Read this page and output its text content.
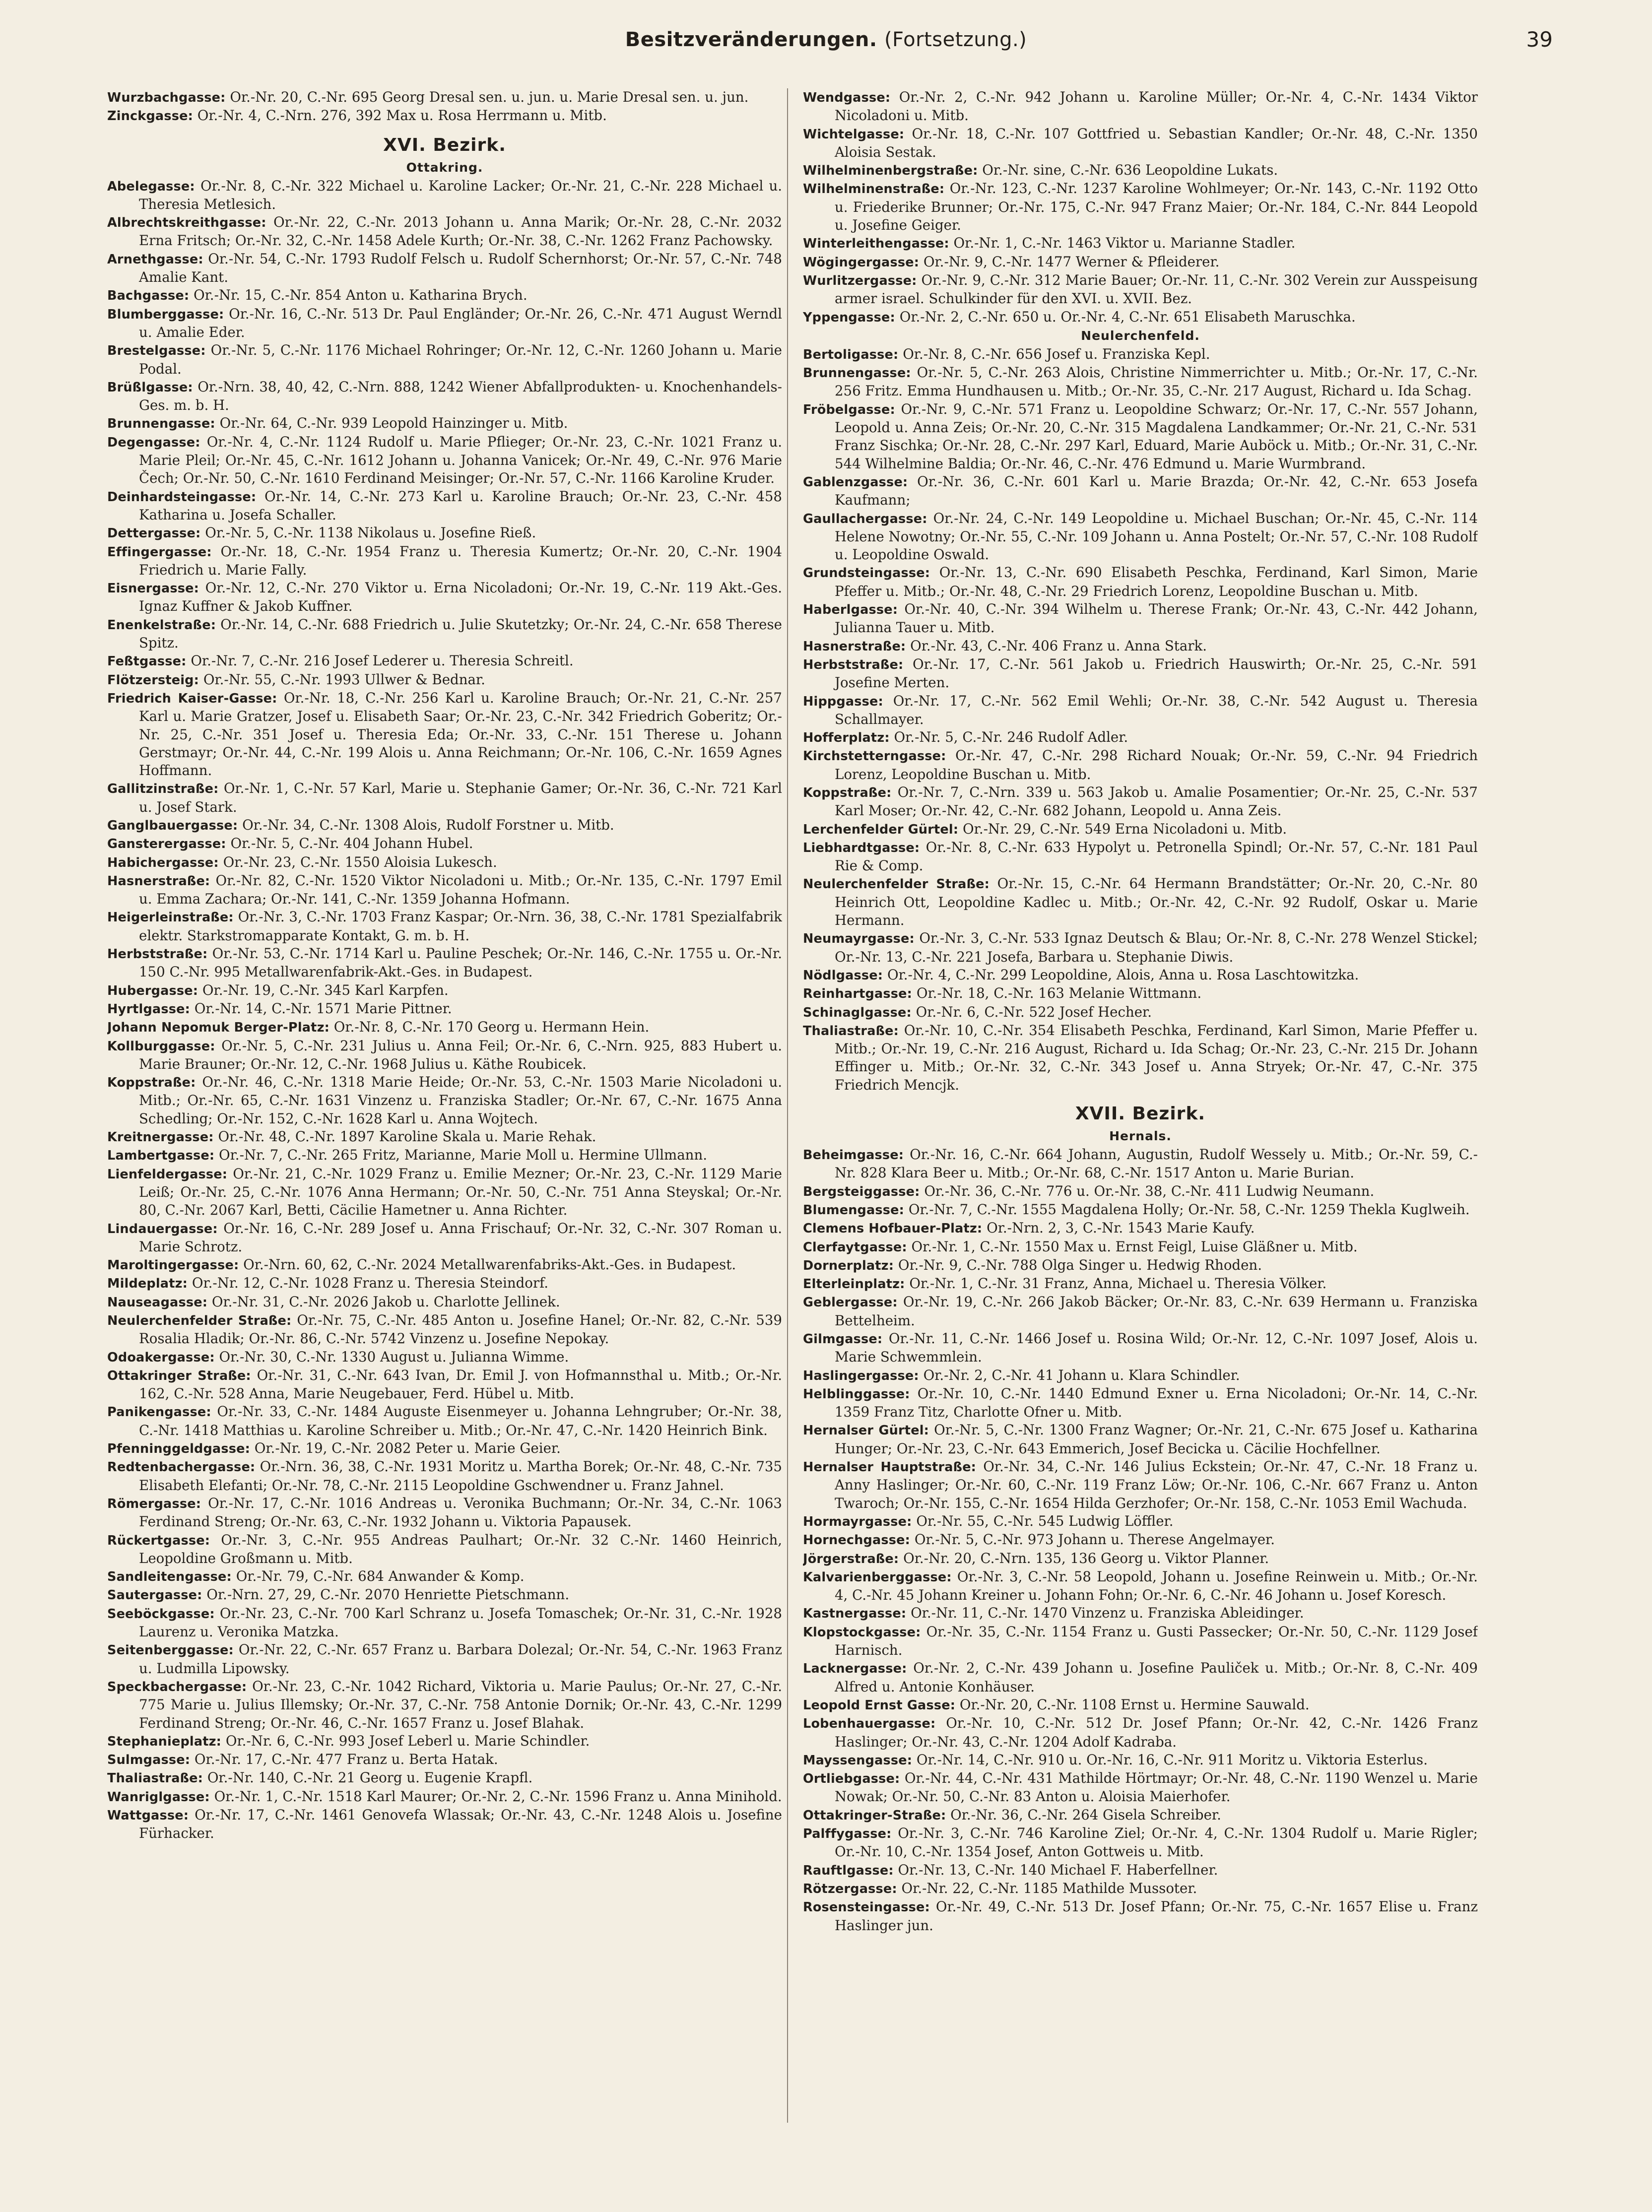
Besitzveränderungen. (Fortsetzung.)	39
Wurzbachgasse: Or.-Nr. 20, C.-Nr. 695 Georg Dresal sen. u. jun. u. Marie Dresal sen. u. jun.
Zinckgasse: Or.-Nr. 4, C.-Nrn. 276, 392 Max u. Rosa Herrmann u. Mitb.
XVI. Bezirk.
Ottakring.
Abelegasse: Or.-Nr. 8, C.-Nr. 322 Michael u. Karoline Lacker; Or.-Nr. 21, C.-Nr. 228 Michael u. Theresia Metlesich.
Albrechtskreithgasse: Or.-Nr. 22, C.-Nr. 2013 Johann u. Anna Marik; Or.-Nr. 28, C.-Nr. 2032 Erna Fritsch; Or.-Nr. 32, C.-Nr. 1458 Adele Kurth; Or.-Nr. 38, C.-Nr. 1262 Franz Pachowsky.
Arnethgasse: Or.-Nr. 54, C.-Nr. 1793 Rudolf Felsch u. Rudolf Schernhorst; Or.-Nr. 57, C.-Nr. 748 Amalie Kant.
Bachgasse: Or.-Nr. 15, C.-Nr. 854 Anton u. Katharina Brych.
Blumberggasse: Or.-Nr. 16, C.-Nr. 513 Dr. Paul Engländer; Or.-Nr. 26, C.-Nr. 471 August Werndl u. Amalie Eder.
Brestelgasse: Or.-Nr. 5, C.-Nr. 1176 Michael Rohringer; Or.-Nr. 12, C.-Nr. 1260 Johann u. Marie Podal.
Brüßlgasse: Or.-Nrn. 38, 40, 42, C.-Nrn. 888, 1242 Wiener Abfallprodukten- u. Knochenhandels-Ges. m. b. H.
Brunnengasse: Or.-Nr. 64, C.-Nr. 939 Leopold Hainzinger u. Mitb.
Degengasse: Or.-Nr. 4, C.-Nr. 1124 Rudolf u. Marie Pflieger; Or.-Nr. 23, C.-Nr. 1021 Franz u. Marie Pleil; Or.-Nr. 45, C.-Nr. 1612 Johann u. Johanna Vanicek; Or.-Nr. 49, C.-Nr. 976 Marie Čech; Or.-Nr. 50, C.-Nr. 1610 Ferdinand Meisinger; Or.-Nr. 57, C.-Nr. 1166 Karoline Kruder.
Deinhardsteingasse: Or.-Nr. 14, C.-Nr. 273 Karl u. Karoline Brauch; Or.-Nr. 23, C.-Nr. 458 Katharina u. Josefa Schaller.
Dettergasse: Or.-Nr. 5, C.-Nr. 1138 Nikolaus u. Josefine Rieß.
Effingergasse: Or.-Nr. 18, C.-Nr. 1954 Franz u. Theresia Kumertz; Or.-Nr. 20, C.-Nr. 1904 Friedrich u. Marie Fally.
Eisnergasse: Or.-Nr. 12, C.-Nr. 270 Viktor u. Erna Nicoladoni; Or.-Nr. 19, C.-Nr. 119 Akt.-Ges. Ignaz Kuffner & Jakob Kuffner.
Enenkelstraße: Or.-Nr. 14, C.-Nr. 688 Friedrich u. Julie Skutetzky; Or.-Nr. 24, C.-Nr. 658 Therese Spitz.
Feßtgasse: Or.-Nr. 7, C.-Nr. 216 Josef Lederer u. Theresia Schreitl.
Flötzersteig: Or.-Nr. 55, C.-Nr. 1993 Ullwer & Bednar.
Friedrich Kaiser-Gasse: Or.-Nr. 18, C.-Nr. 256 Karl u. Karoline Brauch; Or.-Nr. 21, C.-Nr. 257 Karl u. Marie Gratzer, Josef u. Elisabeth Saar; Or.-Nr. 23, C.-Nr. 342 Friedrich Goberitz; Or.-Nr. 25, C.-Nr. 351 Josef u. Theresia Eda; Or.-Nr. 33, C.-Nr. 151 Therese u. Johann Gerstmayr; Or.-Nr. 44, C.-Nr. 199 Alois u. Anna Reichmann; Or.-Nr. 106, C.-Nr. 1659 Agnes Hoffmann.
Gallitzinstraße: Or.-Nr. 1, C.-Nr. 57 Karl, Marie u. Stephanie Gamer; Or.-Nr. 36, C.-Nr. 721 Karl u. Josef Stark.
Ganglbauergasse: Or.-Nr. 34, C.-Nr. 1308 Alois, Rudolf Forstner u. Mitb.
Gansterergasse: Or.-Nr. 5, C.-Nr. 404 Johann Hubel.
Habichergasse: Or.-Nr. 23, C.-Nr. 1550 Aloisia Lukesch.
Hasnerstraße: Or.-Nr. 82, C.-Nr. 1520 Viktor Nicoladoni u. Mitb.; Or.-Nr. 135, C.-Nr. 1797 Emil u. Emma Zachara; Or.-Nr. 141, C.-Nr. 1359 Johanna Hofmann.
Heigerleinstraße: Or.-Nr. 3, C.-Nr. 1703 Franz Kaspar; Or.-Nrn. 36, 38, C.-Nr. 1781 Spezialfabrik elektr. Starkstromapparate Kontakt, G. m. b. H.
Herbststraße: Or.-Nr. 53, C.-Nr. 1714 Karl u. Pauline Peschek; Or.-Nr. 146, C.-Nr. 1755 u. Or.-Nr. 150 C.-Nr. 995 Metallwarenfabrik-Akt.-Ges. in Budapest.
Hubergasse: Or.-Nr. 19, C.-Nr. 345 Karl Karpfen.
Hyrtlgasse: Or.-Nr. 14, C.-Nr. 1571 Marie Pittner.
Johann Nepomuk Berger-Platz: Or.-Nr. 8, C.-Nr. 170 Georg u. Hermann Hein.
Kollburggasse: Or.-Nr. 5, C.-Nr. 231 Julius u. Anna Feil; Or.-Nr. 6, C.-Nrn. 925, 883 Hubert u. Marie Brauner; Or.-Nr. 12, C.-Nr. 1968 Julius u. Käthe Roubicek.
Koppstraße: Or.-Nr. 46, C.-Nr. 1318 Marie Heide; Or.-Nr. 53, C.-Nr. 1503 Marie Nicoladoni u. Mitb.; Or.-Nr. 65, C.-Nr. 1631 Vinzenz u. Franziska Stadler; Or.-Nr. 67, C.-Nr. 1675 Anna Schedling; Or.-Nr. 152, C.-Nr. 1628 Karl u. Anna Wojtech.
Kreitnergasse: Or.-Nr. 48, C.-Nr. 1897 Karoline Skala u. Marie Rehak.
Lambertgasse: Or.-Nr. 7, C.-Nr. 265 Fritz, Marianne, Marie Moll u. Hermine Ullmann.
Lienfeldergasse: Or.-Nr. 21, C.-Nr. 1029 Franz u. Emilie Mezner; Or.-Nr. 23, C.-Nr. 1129 Marie Leiß; Or.-Nr. 25, C.-Nr. 1076 Anna Hermann; Or.-Nr. 50, C.-Nr. 751 Anna Steyskal; Or.-Nr. 80, C.-Nr. 2067 Karl, Betti, Cäcilie Hametner u. Anna Richter.
Lindauergasse: Or.-Nr. 16, C.-Nr. 289 Josef u. Anna Frischauf; Or.-Nr. 32, C.-Nr. 307 Roman u. Marie Schrotz.
Maroltingergasse: Or.-Nrn. 60, 62, C.-Nr. 2024 Metallwarenfabriks-Akt.-Ges. in Budapest.
Mildeplatz: Or.-Nr. 12, C.-Nr. 1028 Franz u. Theresia Steindorf.
Nauseagasse: Or.-Nr. 31, C.-Nr. 2026 Jakob u. Charlotte Jellinek.
Neulerchenfelder Straße: Or.-Nr. 75, C.-Nr. 485 Anton u. Josefine Hanel; Or.-Nr. 82, C.-Nr. 539 Rosalia Hladik; Or.-Nr. 86, C.-Nr. 5742 Vinzenz u. Josefine Nepokay.
Odoakergasse: Or.-Nr. 30, C.-Nr. 1330 August u. Julianna Wimme.
Ottakringer Straße: Or.-Nr. 31, C.-Nr. 643 Ivan, Dr. Emil J. von Hofmannsthal u. Mitb.; Or.-Nr. 162, C.-Nr. 528 Anna, Marie Neugebauer, Ferd. Hübel u. Mitb.
Panikengasse: Or.-Nr. 33, C.-Nr. 1484 Auguste Eisenmeyer u. Johanna Lehngruber; Or.-Nr. 38, C.-Nr. 1418 Matthias u. Karoline Schreiber u. Mitb.; Or.-Nr. 47, C.-Nr. 1420 Heinrich Bink.
Pfenninggeldgasse: Or.-Nr. 19, C.-Nr. 2082 Peter u. Marie Geier.
Redtenbachergasse: Or.-Nrn. 36, 38, C.-Nr. 1931 Moritz u. Martha Borek; Or.-Nr. 48, C.-Nr. 735 Elisabeth Elefanti; Or.-Nr. 78, C.-Nr. 2115 Leopoldine Gschwendner u. Franz Jahnel.
Römergasse: Or.-Nr. 17, C.-Nr. 1016 Andreas u. Veronika Buchmann; Or.-Nr. 34, C.-Nr. 1063 Ferdinand Streng; Or.-Nr. 63, C.-Nr. 1932 Johann u. Viktoria Papausek.
Rückertgasse: Or.-Nr. 3, C.-Nr. 955 Andreas Paulhart; Or.-Nr. 32 C.-Nr. 1460 Heinrich, Leopoldine Großmann u. Mitb.
Sandleitengasse: Or.-Nr. 79, C.-Nr. 684 Anwander & Komp.
Sautergasse: Or.-Nrn. 27, 29, C.-Nr. 2070 Henriette Pietschmann.
Seeböckgasse: Or.-Nr. 23, C.-Nr. 700 Karl Schranz u. Josefa Tomaschek; Or.-Nr. 31, C.-Nr. 1928 Laurenz u. Veronika Matzka.
Seitenberggasse: Or.-Nr. 22, C.-Nr. 657 Franz u. Barbara Dolezal; Or.-Nr. 54, C.-Nr. 1963 Franz u. Ludmilla Lipowsky.
Speckbachergasse: Or.-Nr. 23, C.-Nr. 1042 Richard, Viktoria u. Marie Paulus; Or.-Nr. 27, C.-Nr. 775 Marie u. Julius Illemsky; Or.-Nr. 37, C.-Nr. 758 Antonie Dornik; Or.-Nr. 43, C.-Nr. 1299 Ferdinand Streng; Or.-Nr. 46, C.-Nr. 1657 Franz u. Josef Blahak.
Stephanieplatz: Or.-Nr. 6, C.-Nr. 993 Josef Leberl u. Marie Schindler.
Sulmgasse: Or.-Nr. 17, C.-Nr. 477 Franz u. Berta Hatak.
Thaliastraße: Or.-Nr. 140, C.-Nr. 21 Georg u. Eugenie Krapfl.
Wanriglgasse: Or.-Nr. 1, C.-Nr. 1518 Karl Maurer; Or.-Nr. 2, C.-Nr. 1596 Franz u. Anna Minihold.
Wattgasse: Or.-Nr. 17, C.-Nr. 1461 Genovefa Wlassak; Or.-Nr. 43, C.-Nr. 1248 Alois u. Josefine Fürhacker.
Wendgasse: Or.-Nr. 2, C.-Nr. 942 Johann u. Karoline Müller; Or.-Nr. 4, C.-Nr. 1434 Viktor Nicoladoni u. Mitb.
Wichtelgasse: Or.-Nr. 18, C.-Nr. 107 Gottfried u. Sebastian Kandler; Or.-Nr. 48, C.-Nr. 1350 Aloisia Sestak.
Wilhelminenbergstraße: Or.-Nr. sine, C.-Nr. 636 Leopoldine Lukats.
Wilhelminenstraße: Or.-Nr. 123, C.-Nr. 1237 Karoline Wohlmeyer; Or.-Nr. 143, C.-Nr. 1192 Otto u. Friederike Brunner; Or.-Nr. 175, C.-Nr. 947 Franz Maier; Or.-Nr. 184, C.-Nr. 844 Leopold u. Josefine Geiger.
Winterleithengasse: Or.-Nr. 1, C.-Nr. 1463 Viktor u. Marianne Stadler.
Wögingergasse: Or.-Nr. 9, C.-Nr. 1477 Werner & Pfleiderer.
Wurlitzergasse: Or.-Nr. 9, C.-Nr. 312 Marie Bauer; Or.-Nr. 11, C.-Nr. 302 Verein zur Ausspeisung armer israel. Schulkinder für den XVI. u. XVII. Bez.
Yppengasse: Or.-Nr. 2, C.-Nr. 650 u. Or.-Nr. 4, C.-Nr. 651 Elisabeth Maruschka.
Neulerchenfeld.
Bertoligasse: Or.-Nr. 8, C.-Nr. 656 Josef u. Franziska Kepl.
Brunnengasse: Or.-Nr. 5, C.-Nr. 263 Alois, Christine Nimmerrichter u. Mitb.; Or.-Nr. 17, C.-Nr. 256 Fritz. Emma Hundhausen u. Mitb.; Or.-Nr. 35, C.-Nr. 217 August, Richard u. Ida Schag.
Fröbelgasse: Or.-Nr. 9, C.-Nr. 571 Franz u. Leopoldine Schwarz; Or.-Nr. 17, C.-Nr. 557 Johann, Leopold u. Anna Zeis; Or.-Nr. 20, C.-Nr. 315 Magdalena Landkammer; Or.-Nr. 21, C.-Nr. 531 Franz Sischka; Or.-Nr. 28, C.-Nr. 297 Karl, Eduard, Marie Auböck u. Mitb.; Or.-Nr. 31, C.-Nr. 544 Wilhelmine Baldia; Or.-Nr. 46, C.-Nr. 476 Edmund u. Marie Wurmbrand.
Gablenzgasse: Or.-Nr. 36, C.-Nr. 601 Karl u. Marie Brazda; Or.-Nr. 42, C.-Nr. 653 Josefa Kaufmann;
Gaullachergasse: Or.-Nr. 24, C.-Nr. 149 Leopoldine u. Michael Buschan; Or.-Nr. 45, C.-Nr. 114 Helene Nowotny; Or.-Nr. 55, C.-Nr. 109 Johann u. Anna Postelt; Or.-Nr. 57, C.-Nr. 108 Rudolf u. Leopoldine Oswald.
Grundsteingasse: Or.-Nr. 13, C.-Nr. 690 Elisabeth Peschka, Ferdinand, Karl Simon, Marie Pfeffer u. Mitb.; Or.-Nr. 48, C.-Nr. 29 Friedrich Lorenz, Leopoldine Buschan u. Mitb.
Haberlgasse: Or.-Nr. 40, C.-Nr. 394 Wilhelm u. Therese Frank; Or.-Nr. 43, C.-Nr. 442 Johann, Julianna Tauer u. Mitb.
Hasnerstraße: Or.-Nr. 43, C.-Nr. 406 Franz u. Anna Stark.
Herbststraße: Or.-Nr. 17, C.-Nr. 561 Jakob u. Friedrich Hauswirth; Or.-Nr. 25, C.-Nr. 591 Josefine Merten.
Hippgasse: Or.-Nr. 17, C.-Nr. 562 Emil Wehli; Or.-Nr. 38, C.-Nr. 542 August u. Theresia Schallmayer.
Hofferplatz: Or.-Nr. 5, C.-Nr. 246 Rudolf Adler.
Kirchstetterngasse: Or.-Nr. 47, C.-Nr. 298 Richard Nouak; Or.-Nr. 59, C.-Nr. 94 Friedrich Lorenz, Leopoldine Buschan u. Mitb.
Koppstraße: Or.-Nr. 7, C.-Nrn. 339 u. 563 Jakob u. Amalie Posamentier; Or.-Nr. 25, C.-Nr. 537 Karl Moser; Or.-Nr. 42, C.-Nr. 682 Johann, Leopold u. Anna Zeis.
Lerchenfelder Gürtel: Or.-Nr. 29, C.-Nr. 549 Erna Nicoladoni u. Mitb.
Liebhardtgasse: Or.-Nr. 8, C.-Nr. 633 Hypolyt u. Petronella Spindl; Or.-Nr. 57, C.-Nr. 181 Paul Rie & Comp.
Neulerchenfelder Straße: Or.-Nr. 15, C.-Nr. 64 Hermann Brandstätter; Or.-Nr. 20, C.-Nr. 80 Heinrich Ott, Leopoldine Kadlec u. Mitb.; Or.-Nr. 42, C.-Nr. 92 Rudolf, Oskar u. Marie Hermann.
Neumayrgasse: Or.-Nr. 3, C.-Nr. 533 Ignaz Deutsch & Blau; Or.-Nr. 8, C.-Nr. 278 Wenzel Stickel; Or.-Nr. 13, C.-Nr. 221 Josefa, Barbara u. Stephanie Diwis.
Nödlgasse: Or.-Nr. 4, C.-Nr. 299 Leopoldine, Alois, Anna u. Rosa Laschtowitzka.
Reinhartgasse: Or.-Nr. 18, C.-Nr. 163 Melanie Wittmann.
Schinaglgasse: Or.-Nr. 6, C.-Nr. 522 Josef Hecher.
Thaliastraße: Or.-Nr. 10, C.-Nr. 354 Elisabeth Peschka, Ferdinand, Karl Simon, Marie Pfeffer u. Mitb.; Or.-Nr. 19, C.-Nr. 216 August, Richard u. Ida Schag; Or.-Nr. 23, C.-Nr. 215 Dr. Johann Effinger u. Mitb.; Or.-Nr. 32, C.-Nr. 343 Josef u. Anna Stryek; Or.-Nr. 47, C.-Nr. 375 Friedrich Mencjk.
XVII. Bezirk.
Hernals.
Beheimgasse: Or.-Nr. 16, C.-Nr. 664 Johann, Augustin, Rudolf Wessely u. Mitb.; Or.-Nr. 59, C.-Nr. 828 Klara Beer u. Mitb.; Or.-Nr. 68, C.-Nr. 1517 Anton u. Marie Burian.
Bergsteiggasse: Or.-Nr. 36, C.-Nr. 776 u. Or.-Nr. 38, C.-Nr. 411 Ludwig Neumann.
Blumengasse: Or.-Nr. 7, C.-Nr. 1555 Magdalena Holly; Or.-Nr. 58, C.-Nr. 1259 Thekla Kuglweih.
Clemens Hofbauer-Platz: Or.-Nrn. 2, 3, C.-Nr. 1543 Marie Kaufy.
Clerfaytgasse: Or.-Nr. 1, C.-Nr. 1550 Max u. Ernst Feigl, Luise Gläßner u. Mitb.
Dornerplatz: Or.-Nr. 9, C.-Nr. 788 Olga Singer u. Hedwig Rhoden.
Elterleinplatz: Or.-Nr. 1, C.-Nr. 31 Franz, Anna, Michael u. Theresia Völker.
Geblergasse: Or.-Nr. 19, C.-Nr. 266 Jakob Bäcker; Or.-Nr. 83, C.-Nr. 639 Hermann u. Franziska Bettelheim.
Gilmgasse: Or.-Nr. 11, C.-Nr. 1466 Josef u. Rosina Wild; Or.-Nr. 12, C.-Nr. 1097 Josef, Alois u. Marie Schwemmlein.
Haslingergasse: Or.-Nr. 2, C.-Nr. 41 Johann u. Klara Schindler.
Helblinggasse: Or.-Nr. 10, C.-Nr. 1440 Edmund Exner u. Erna Nicoladoni; Or.-Nr. 14, C.-Nr. 1359 Franz Titz, Charlotte Ofner u. Mitb.
Hernalser Gürtel: Or.-Nr. 5, C.-Nr. 1300 Franz Wagner; Or.-Nr. 21, C.-Nr. 675 Josef u. Katharina Hunger; Or.-Nr. 23, C.-Nr. 643 Emmerich, Josef Becicka u. Cäcilie Hochfellner.
Hernalser Hauptstraße: Or.-Nr. 34, C.-Nr. 146 Julius Eckstein; Or.-Nr. 47, C.-Nr. 18 Franz u. Anny Haslinger; Or.-Nr. 60, C.-Nr. 119 Franz Löw; Or.-Nr. 106, C.-Nr. 667 Franz u. Anton Twaroch; Or.-Nr. 155, C.-Nr. 1654 Hilda Gerzhofer; Or.-Nr. 158, C.-Nr. 1053 Emil Wachuda.
Hormayrgasse: Or.-Nr. 55, C.-Nr. 545 Ludwig Löffler.
Hornechgasse: Or.-Nr. 5, C.-Nr. 973 Johann u. Therese Angelmayer.
Jörgerstraße: Or.-Nr. 20, C.-Nrn. 135, 136 Georg u. Viktor Planner.
Kalvarienberggasse: Or.-Nr. 3, C.-Nr. 58 Leopold, Johann u. Josefine Reinwein u. Mitb.; Or.-Nr. 4, C.-Nr. 45 Johann Kreiner u. Johann Fohn; Or.-Nr. 6, C.-Nr. 46 Johann u. Josef Koresch.
Kastnergasse: Or.-Nr. 11, C.-Nr. 1470 Vinzenz u. Franziska Ableidinger.
Klopstockgasse: Or.-Nr. 35, C.-Nr. 1154 Franz u. Gusti Passecker; Or.-Nr. 50, C.-Nr. 1129 Josef Harnisch.
Lacknergasse: Or.-Nr. 2, C.-Nr. 439 Johann u. Josefine Pauliček u. Mitb.; Or.-Nr. 8, C.-Nr. 409 Alfred u. Antonie Konhäuser.
Leopold Ernst Gasse: Or.-Nr. 20, C.-Nr. 1108 Ernst u. Hermine Sauwald.
Lobenhauergasse: Or.-Nr. 10, C.-Nr. 512 Dr. Josef Pfann; Or.-Nr. 42, C.-Nr. 1426 Franz Haslinger; Or.-Nr. 43, C.-Nr. 1204 Adolf Kadraba.
Mayssengasse: Or.-Nr. 14, C.-Nr. 910 u. Or.-Nr. 16, C.-Nr. 911 Moritz u. Viktoria Esterlus.
Ortliebgasse: Or.-Nr. 44, C.-Nr. 431 Mathilde Hörtmayr; Or.-Nr. 48, C.-Nr. 1190 Wenzel u. Marie Nowak; Or.-Nr. 50, C.-Nr. 83 Anton u. Aloisia Maierhofer.
Ottakringer-Straße: Or.-Nr. 36, C.-Nr. 264 Gisela Schreiber.
Palffygasse: Or.-Nr. 3, C.-Nr. 746 Karoline Ziel; Or.-Nr. 4, C.-Nr. 1304 Rudolf u. Marie Rigler; Or.-Nr. 10, C.-Nr. 1354 Josef, Anton Gottweis u. Mitb.
Rauftlgasse: Or.-Nr. 13, C.-Nr. 140 Michael F. Haberfellner.
Rötzergasse: Or.-Nr. 22, C.-Nr. 1185 Mathilde Mussoter.
Rosensteingasse: Or.-Nr. 49, C.-Nr. 513 Dr. Josef Pfann; Or.-Nr. 75, C.-Nr. 1657 Elise u. Franz Haslinger jun.
